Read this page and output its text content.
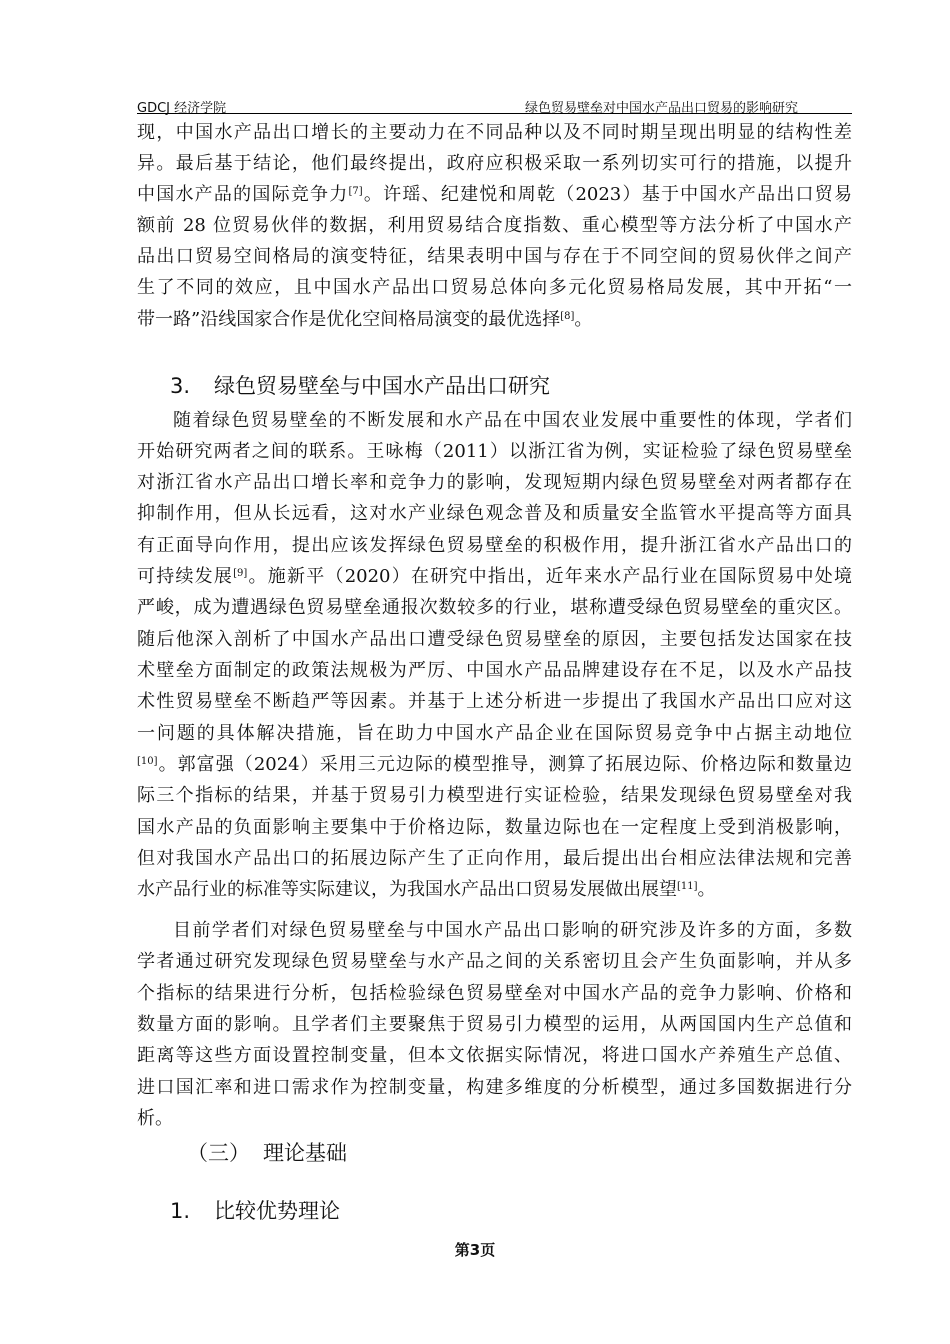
GDCJ 经济学院	绿色贸易壁垒对中国水产品出口贸易的影响研究
现，中国水产品出口增长的主要动力在不同品种以及不同时期呈现出明显的结构性差
异。最后基于结论，他们最终提出，政府应积极采取一系列切实可行的措施，以提升
中国水产品的国际竞争力[7]。许瑶、纪建悦和周乾（2023）基于中国水产品出口贸易
额前 28 位贸易伙伴的数据，利用贸易结合度指数、重心模型等方法分析了中国水产
品出口贸易空间格局的演变特征，结果表明中国与存在于不同空间的贸易伙伴之间产
生了不同的效应，且中国水产品出口贸易总体向多元化贸易格局发展，其中开拓“一
带一路”沿线国家合作是优化空间格局演变的最优选择[8]。
3. 绿色贸易壁垒与中国水产品出口研究
随着绿色贸易壁垒的不断发展和水产品在中国农业发展中重要性的体现，学者们
开始研究两者之间的联系。王咏梅（2011）以浙江省为例，实证检验了绿色贸易壁垒
对浙江省水产品出口增长率和竞争力的影响，发现短期内绿色贸易壁垒对两者都存在
抑制作用，但从长远看，这对水产业绿色观念普及和质量安全监管水平提高等方面具
有正面导向作用，提出应该发挥绿色贸易壁垒的积极作用，提升浙江省水产品出口的
可持续发展[9]。施新平（2020）在研究中指出，近年来水产品行业在国际贸易中处境
严峻，成为遭遇绿色贸易壁垒通报次数较多的行业，堪称遭受绿色贸易壁垒的重灾区。
随后他深入剖析了中国水产品出口遭受绿色贸易壁垒的原因，主要包括发达国家在技
术壁垒方面制定的政策法规极为严厉、中国水产品品牌建设存在不足，以及水产品技
术性贸易壁垒不断趋严等因素。并基于上述分析进一步提出了我国水产品出口应对这
一问题的具体解决措施，旨在助力中国水产品企业在国际贸易竞争中占据主动地位
[10]。郭富强（2024）采用三元边际的模型推导，测算了拓展边际、价格边际和数量边
际三个指标的结果，并基于贸易引力模型进行实证检验，结果发现绿色贸易壁垒对我
国水产品的负面影响主要集中于价格边际，数量边际也在一定程度上受到消极影响，
但对我国水产品出口的拓展边际产生了正向作用，最后提出出台相应法律法规和完善
水产品行业的标准等实际建议，为我国水产品出口贸易发展做出展望[11]。
目前学者们对绿色贸易壁垒与中国水产品出口影响的研究涉及许多的方面，多数
学者通过研究发现绿色贸易壁垒与水产品之间的关系密切且会产生负面影响，并从多
个指标的结果进行分析，包括检验绿色贸易壁垒对中国水产品的竞争力影响、价格和
数量方面的影响。且学者们主要聚焦于贸易引力模型的运用，从两国国内生产总值和
距离等这些方面设置控制变量，但本文依据实际情况，将进口国水产养殖生产总值、
进口国汇率和进口需求作为控制变量，构建多维度的分析模型，通过多国数据进行分
析。
（三） 理论基础
1. 比较优势理论
第3页
